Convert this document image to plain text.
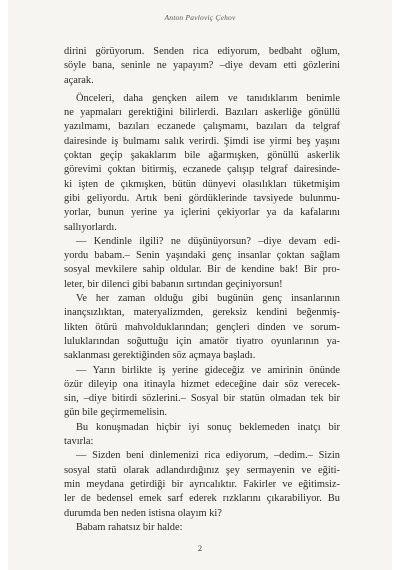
Anton Pavloviç Çehov
dirini görüyorum. Senden rica ediyorum, bedbaht oğlum,
söyle bana, seninle ne yapayım? –diye devam etti gözlerini
açarak.
Önceleri, daha gençken ailem ve tanıdıklarım benimle
ne yapmaları gerektiğini bilirlerdi. Bazıları askerliğe gönüllü
yazılmamı, bazıları eczanede çalışmamı, bazıları da telgraf
dairesinde iş bulmamı salık verirdi. Şimdi ise yirmi beş yaşını
çoktan geçip şakaklarım bile ağarmışken, gönüllü askerlik
görevimi çoktan bitirmiş, eczanede çalışıp telgraf dairesinde-
ki işten de çıkmışken, bütün dünyevi olasılıkları tüketmişim
gibi geliyordu. Artık beni gördüklerinde tavsiyede bulunmu-
yorlar, bunun yerine ya içlerini çekiyorlar ya da kafalarını
sallıyorlardı.
— Kendinle ilgili? ne düşünüyorsun? –diye devam edi-
yordu babam.– Senin yaşındaki genç insanlar çoktan sağlam
sosyal mevkilere sahip oldular. Bir de kendine bak! Bir pro-
leter, bir dilenci gibi babanın sırtından geçiniyorsun!
Ve her zaman olduğu gibi bugünün genç insanlarının
inançsızlıktan, materyalizmden, gereksiz kendini beğenmiş-
likten ötürü mahvolduklarından; gençleri dinden ve sorum-
luluklarından soğuttuğu için amatör tiyatro oyunlarının ya-
saklanması gerektiğinden söz açmaya başladı.
— Yarın birlikte iş yerine gideceğiz ve amirinin önünde
özür dileyip ona itinayla hizmet edeceğine dair söz verecek-
sin, –diye bitirdi sözlerini.– Sosyal bir statün olmadan tek bir
gün bile geçirmemelisin.
Bu konuşmadan hiçbir iyi sonuç beklemeden inatçı bir
tavırla:
— Sizden beni dinlemenizi rica ediyorum, –dedim.– Sizin
sosyal statü olarak adlandırdığınız şey sermayenin ve eğiti-
min meydana getirdiği bir ayrıcalıktır. Fakirler ve eğitimsiz-
ler de bedensel emek sarf ederek rızklarını çıkarabiliyor. Bu
durumda ben neden istisna olayım ki?
Babam rahatsız bir halde:
2
